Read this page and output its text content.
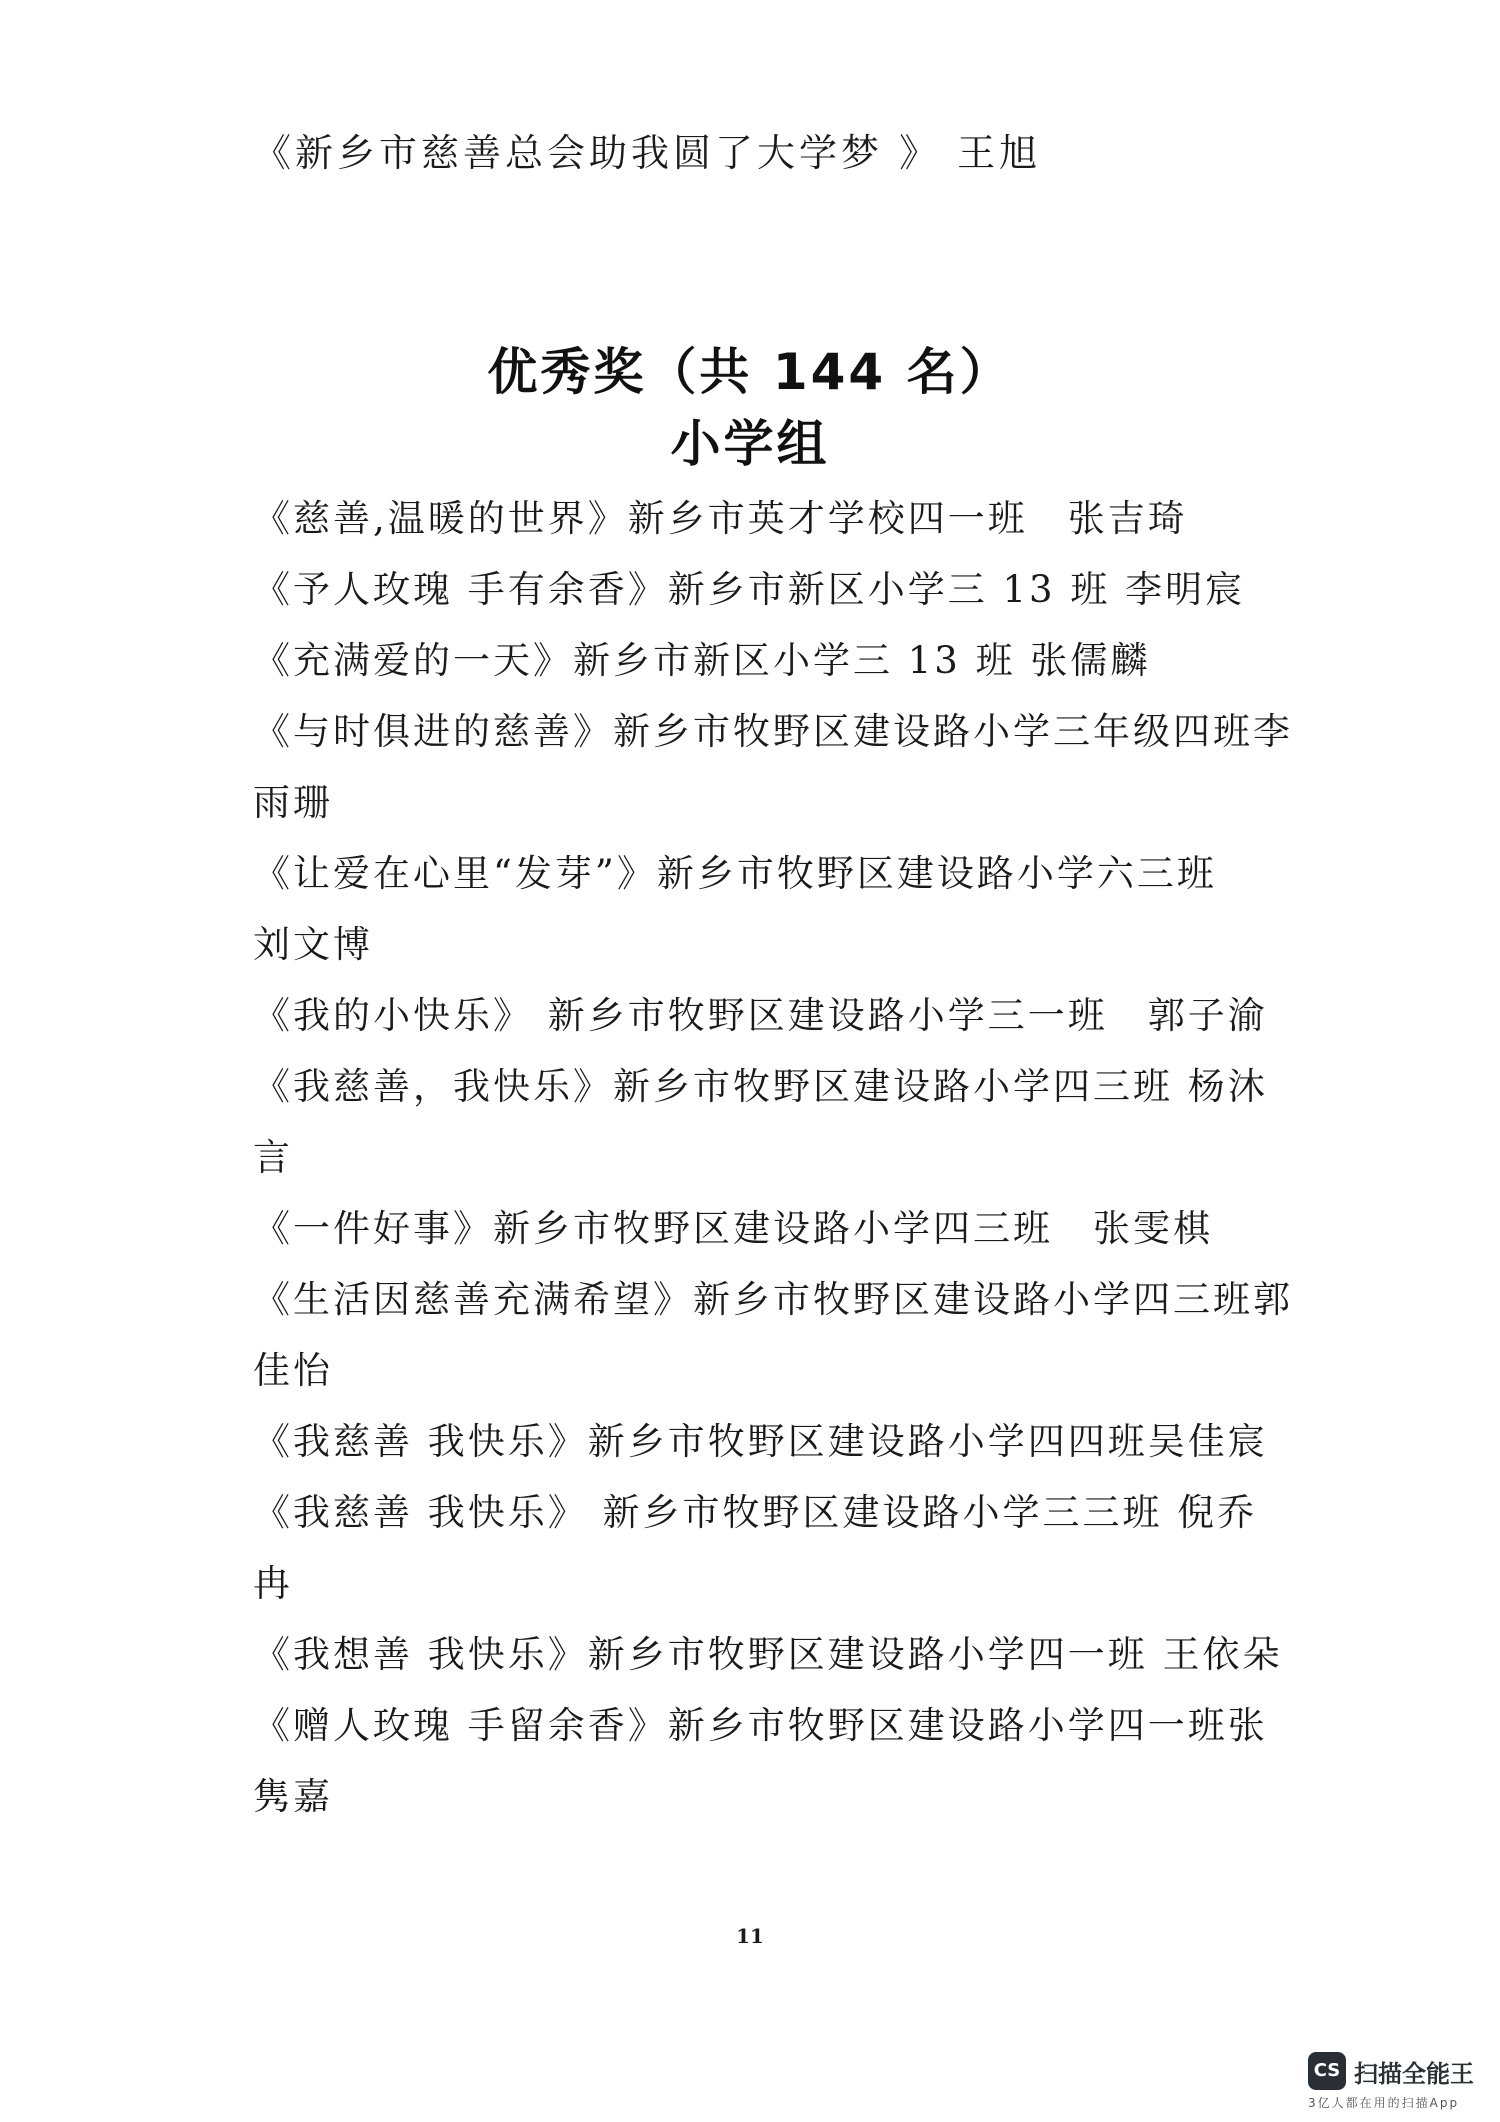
《新乡市慈善总会助我圆了大学梦 》 王旭
优秀奖（共 144 名）
小学组
《慈善,温暖的世界》新乡市英才学校四一班　张吉琦
《予人玫瑰 手有余香》新乡市新区小学三 13 班 李明宸
《充满爱的一天》新乡市新区小学三 13 班 张儒麟
《与时俱进的慈善》新乡市牧野区建设路小学三年级四班李雨珊
《让爱在心里“发芽”》新乡市牧野区建设路小学六三班　刘文博
《我的小快乐》 新乡市牧野区建设路小学三一班　郭子渝
《我慈善，我快乐》新乡市牧野区建设路小学四三班 杨沐言
《一件好事》新乡市牧野区建设路小学四三班　张雯棋
《生活因慈善充满希望》新乡市牧野区建设路小学四三班郭佳怡
《我慈善 我快乐》新乡市牧野区建设路小学四四班吴佳宸
《我慈善 我快乐》 新乡市牧野区建设路小学三三班 倪乔冉
《我想善 我快乐》新乡市牧野区建设路小学四一班 王依朵
《赠人玫瑰 手留余香》新乡市牧野区建设路小学四一班张隽嘉
11
CS 扫描全能王
3亿人都在用的扫描App
